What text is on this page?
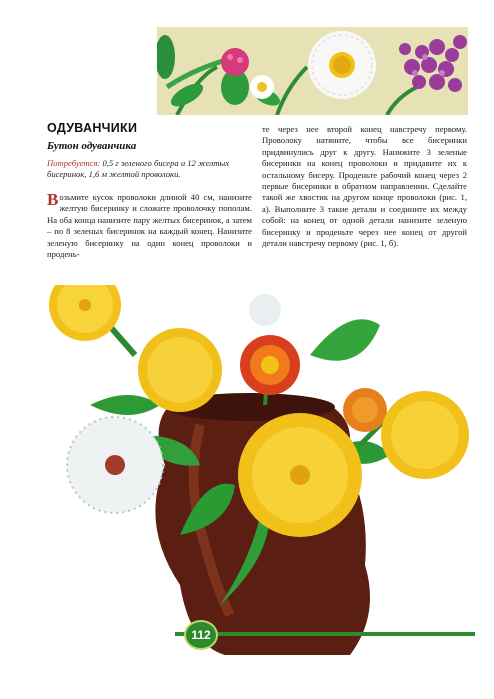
ОДУВАНЧИКИ
Бутон одуванчика
Потребуется: 0,5 г зеленого бисера и 12 желтых бисеринок, 1,6 м желтой проволоки.
Возьмите кусок проволоки длиной 40 см, нанизите желтую бисеринку и сложите проволочку пополам. На оба конца нанизите пару желтых бисеринок, а затем – по 8 зеленых бисеринок на каждый конец. Нанизите зеленую бисеринку на один конец проволоки и продень-
те через нее второй конец навстречу первому. Проволоку натяните, чтобы все бисеринки придвинулись друг к другу. Нанижите 3 зеленые бисеринки на конец проволоки и придавите их к остальному бисеру. Проденьте рабочий конец через 2 первые бисеринки в обратном направлении. Сделайте такой же хвостик на другом конце проволоки (рис. 1, а). Выполните 3 такие детали и соедините их между собой: на конец от одной детали нанизите зеленую бисеринку и проденьте через нее конец от другой детали навстречу первому (рис. 1, б).
112
